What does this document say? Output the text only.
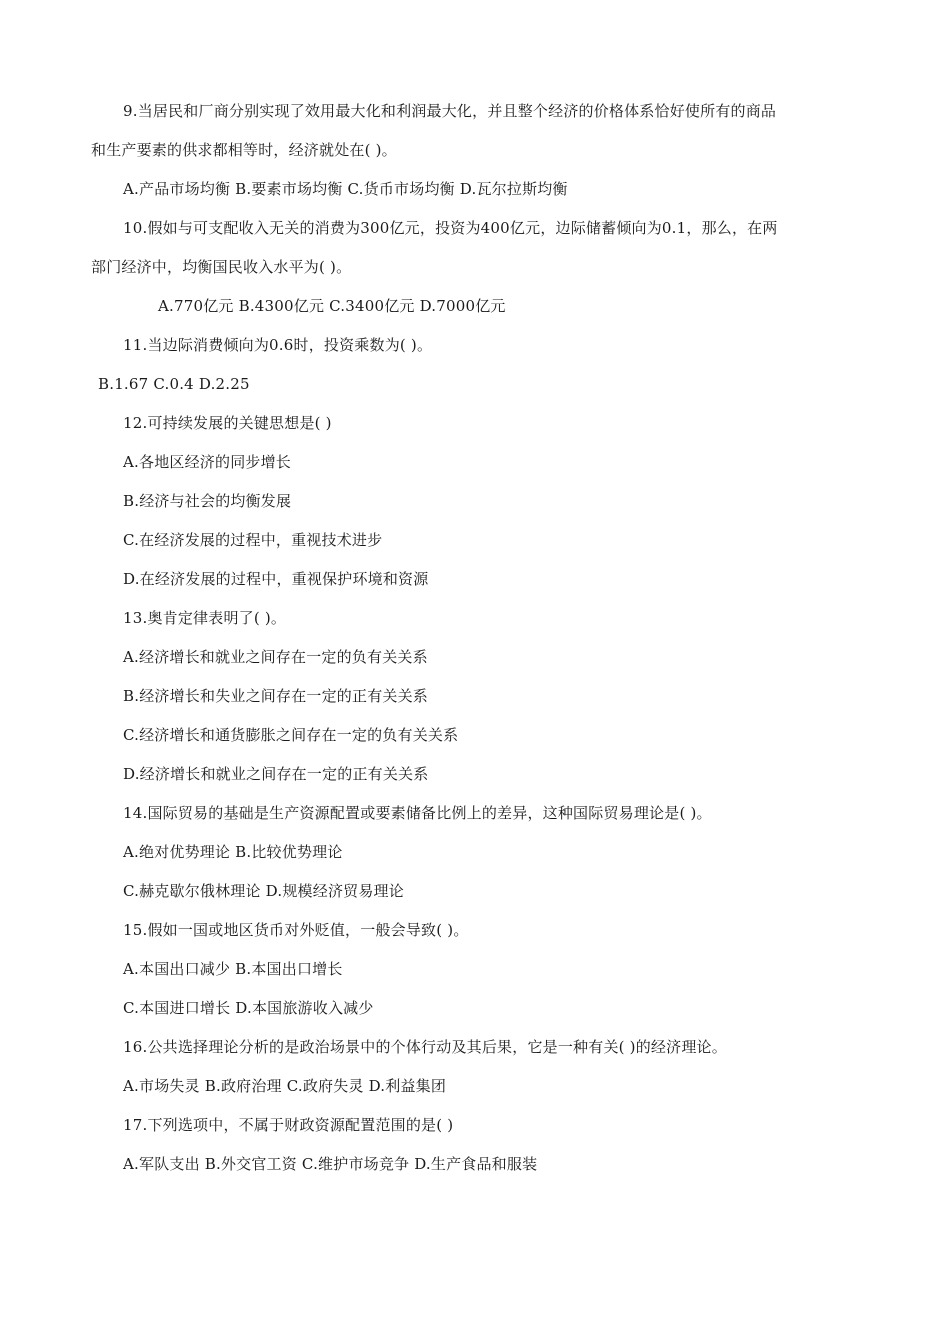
9.当居民和厂商分别实现了效用最大化和利润最大化，并且整个经济的价格体系恰好使所有的商品
和生产要素的供求都相等时，经济就处在( )。
A.产品市场均衡 B.要素市场均衡 C.货币市场均衡 D.瓦尔拉斯均衡
10.假如与可支配收入无关的消费为300亿元，投资为400亿元，边际储蓄倾向为0.1，那么，在两
部门经济中，均衡国民收入水平为( )。
A.770亿元 B.4300亿元 C.3400亿元 D.7000亿元
11.当边际消费倾向为0.6时，投资乘数为( )。
B.1.67 C.0.4 D.2.25
12.可持续发展的关键思想是( )
A.各地区经济的同步增长
B.经济与社会的均衡发展
C.在经济发展的过程中，重视技术进步
D.在经济发展的过程中，重视保护环境和资源
13.奥肯定律表明了( )。
A.经济增长和就业之间存在一定的负有关关系
B.经济增长和失业之间存在一定的正有关关系
C.经济增长和通货膨胀之间存在一定的负有关关系
D.经济增长和就业之间存在一定的正有关关系
14.国际贸易的基础是生产资源配置或要素储备比例上的差异，这种国际贸易理论是( )。
A.绝对优势理论 B.比较优势理论
C.赫克歇尔俄林理论 D.规模经济贸易理论
15.假如一国或地区货币对外贬值，一般会导致( )。
A.本国出口减少 B.本国出口增长
C.本国进口增长 D.本国旅游收入减少
16.公共选择理论分析的是政治场景中的个体行动及其后果，它是一种有关( )的经济理论。
A.市场失灵 B.政府治理 C.政府失灵 D.利益集团
17.下列选项中，不属于财政资源配置范围的是( )
A.军队支出 B.外交官工资 C.维护市场竞争 D.生产食品和服装
